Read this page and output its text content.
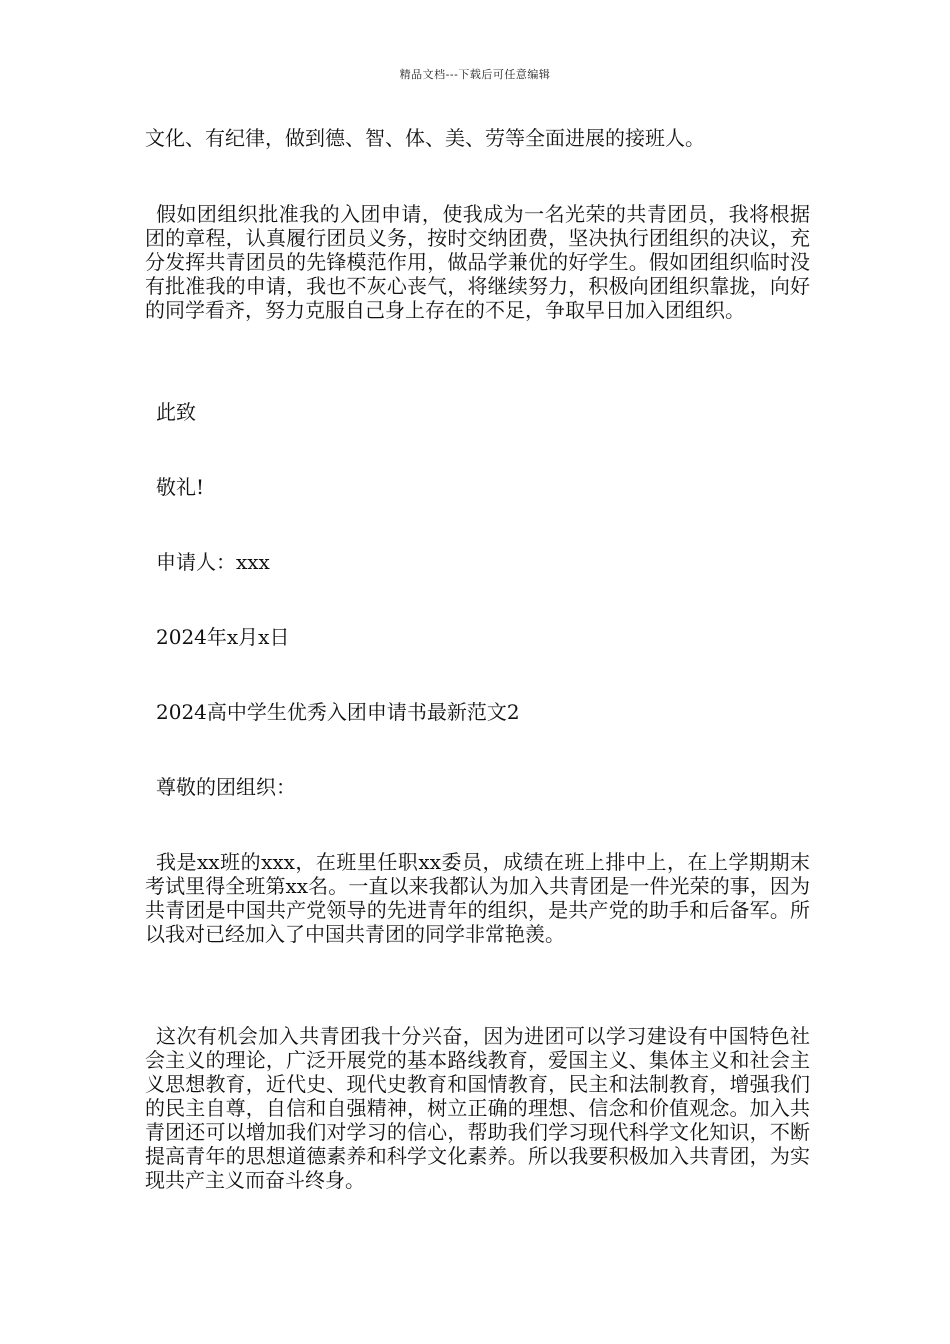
精品文档---下载后可任意编辑
文化、有纪律，做到德、智、体、美、劳等全面进展的接班人。
假如团组织批准我的入团申请，使我成为一名光荣的共青团员，我将根据团的章程，认真履行团员义务，按时交纳团费，坚决执行团组织的决议，充分发挥共青团员的先锋模范作用，做品学兼优的好学生。假如团组织临时没有批准我的申请，我也不灰心丧气，将继续努力，积极向团组织靠拢，向好的同学看齐，努力克服自己身上存在的不足，争取早日加入团组织。
此致
敬礼!
申请人：xxx
2024年x月x日
2024高中学生优秀入团申请书最新范文2
尊敬的团组织：
我是xx班的xxx，在班里任职xx委员，成绩在班上排中上，在上学期期末考试里得全班第xx名。一直以来我都认为加入共青团是一件光荣的事，因为共青团是中国共产党领导的先进青年的组织，是共产党的助手和后备军。所以我对已经加入了中国共青团的同学非常艳羡。
这次有机会加入共青团我十分兴奋，因为进团可以学习建设有中国特色社会主义的理论，广泛开展党的基本路线教育，爱国主义、集体主义和社会主义思想教育，近代史、现代史教育和国情教育，民主和法制教育，增强我们的民主自尊，自信和自强精神，树立正确的理想、信念和价值观念。加入共青团还可以增加我们对学习的信心，帮助我们学习现代科学文化知识，不断提高青年的思想道德素养和科学文化素养。所以我要积极加入共青团，为实现共产主义而奋斗终身。
